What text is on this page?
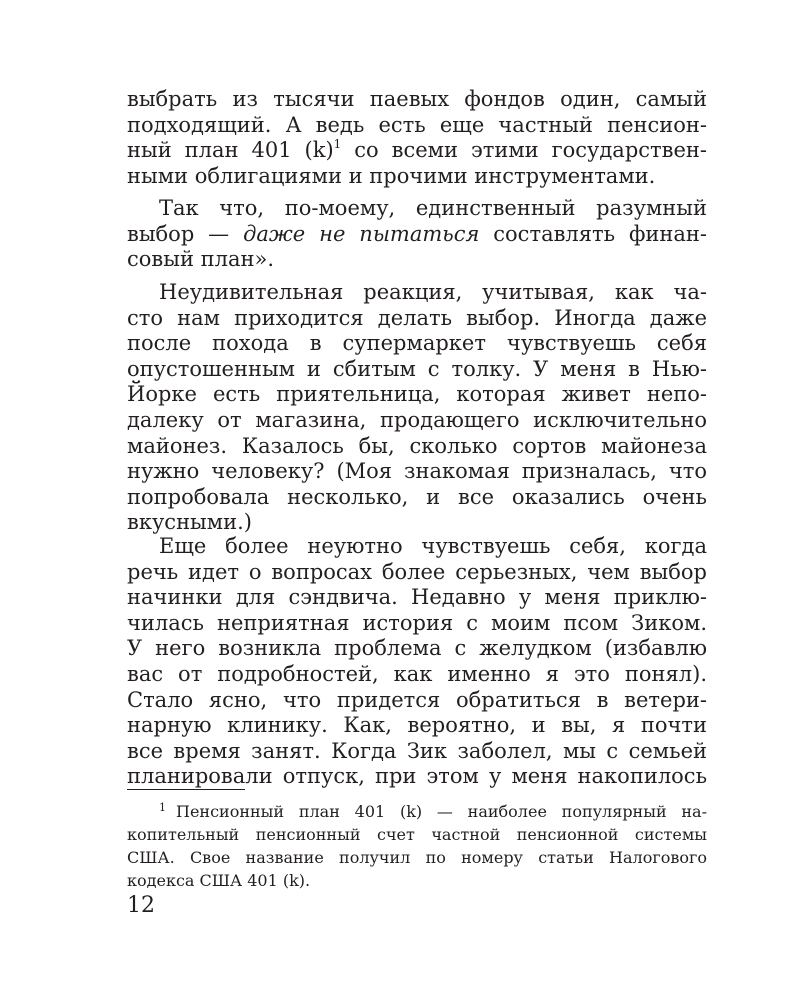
выбрать из тысячи паевых фондов один, самый
подходящий. А ведь есть еще частный пенсион-
ный план 401 $(k)^1$ со всеми этими государствен-
ными облигациями и прочими инструментами.
Так что, по-моему, единственный разумный
выбор — даже не пытаться составлять финан-
совый план».
Неудивительная реакция, учитывая, как ча-
сто нам приходится делать выбор. Иногда даже
после похода в супермаркет чувствуешь себя
опустошенным и сбитым с толку. У меня в Нью-
Йорке есть приятельница, которая живет непо-
далеку от магазина, продающего исключительно
майонез. Казалось бы, сколько сортов майонеза
нужно человеку? (Моя знакомая призналась, что
попробовала несколько, и все оказались очень
вкусными.)
Еще более неуютно чувствуешь себя, когда
речь идет о вопросах более серьезных, чем выбор
начинки для сэндвича. Недавно у меня приклю-
чилась неприятная история с моим псом Зиком.
У него возникла проблема с желудком (избавлю
вас от подробностей, как именно я это понял).
Стало ясно, что придется обратиться в ветери-
нарную клинику. Как, вероятно, и вы, я почти
все время занят. Когда Зик заболел, мы с семьей
планировали отпуск, при этом у меня накопилось
$^1$ Пенсионный план 401 (k) — наиболее популярный на-
копительный пенсионный счет частной пенсионной системы
США. Свое название получил по номеру статьи Налогового
кодекса США 401 (k).
12
